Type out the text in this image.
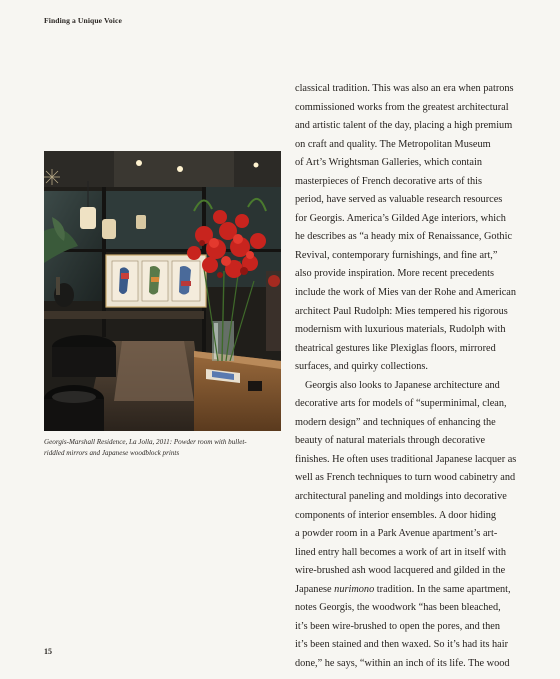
Finding a Unique Voice
Georgis-Marshall Residence, La Jolla, 2011: Powder room with bullet-
riddled mirrors and Japanese woodblock prints
classical tradition. This was also an era when patrons
commissioned works from the greatest architectural
and artistic talent of the day, placing a high premium
on craft and quality. The Metropolitan Museum
of Art’s Wrightsman Galleries, which contain
masterpieces of French decorative arts of this
period, have served as valuable research resources
for Georgis. America’s Gilded Age interiors, which
he describes as “a heady mix of Renaissance, Gothic
Revival, contemporary furnishings, and fine art,”
also provide inspiration. More recent precedents
include the work of Mies van der Rohe and American
architect Paul Rudolph: Mies tempered his rigorous
modernism with luxurious materials, Rudolph with
theatrical gestures like Plexiglas floors, mirrored
surfaces, and quirky collections.
Georgis also looks to Japanese architecture and
decorative arts for models of “superminimal, clean,
modern design” and techniques of enhancing the
beauty of natural materials through decorative
finishes. He often uses traditional Japanese lacquer as
well as French techniques to turn wood cabinetry and
architectural paneling and moldings into decorative
components of interior ensembles. A door hiding
a powder room in a Park Avenue apartment’s art-
lined entry hall becomes a work of art in itself with
wire-brushed ash wood lacquered and gilded in the
Japanese nurimono tradition. In the same apartment,
notes Georgis, the woodwork “has been bleached,
it’s been wire-brushed to open the pores, and then
it’s been stained and then waxed. So it’s had its hair
done,” he says, “within an inch of its life. The wood
15
